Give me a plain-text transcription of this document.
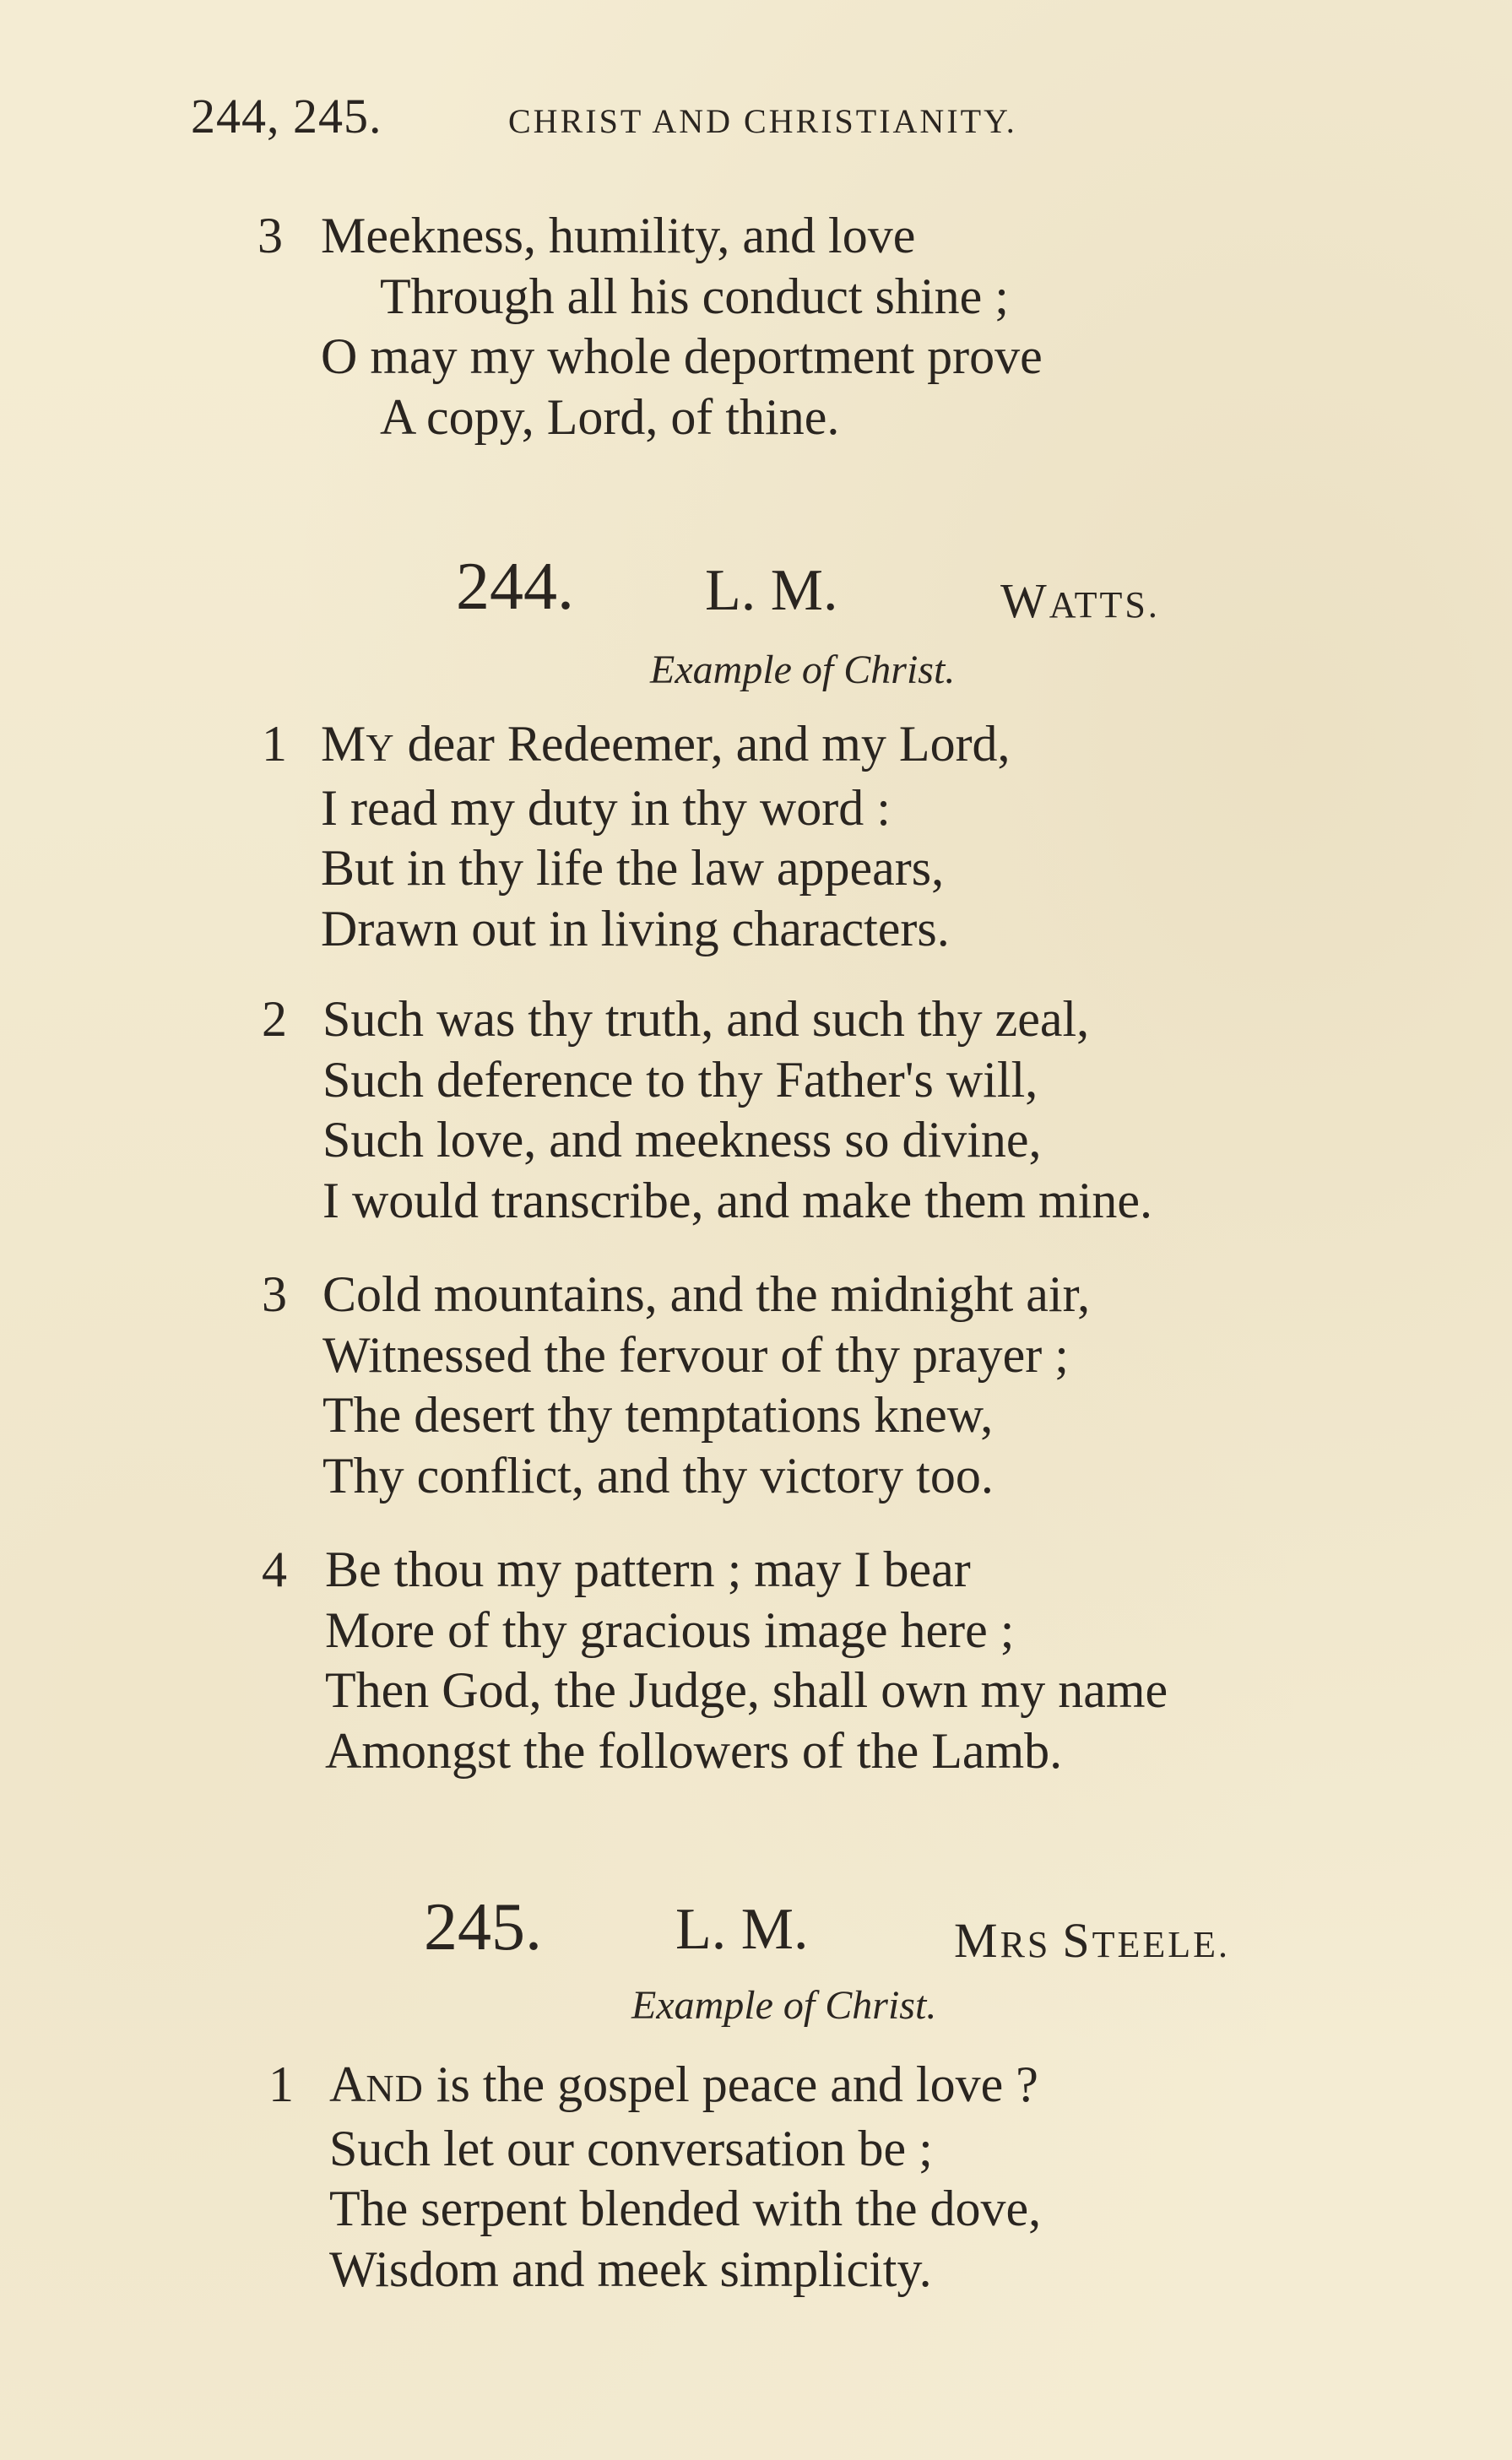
244, 245.	CHRIST AND CHRISTIANITY.
3 Meekness, humility, and love
Through all his conduct shine ;
O may my whole deportment prove
A copy, Lord, of thine.
244. L. M.	WATTS.
Example of Christ.
1 MY dear Redeemer, and my Lord,
I read my duty in thy word :
But in thy life the law appears,
Drawn out in living characters.
2 Such was thy truth, and such thy zeal,
Such deference to thy Father's will,
Such love, and meekness so divine,
I would transcribe, and make them mine.
3 Cold mountains, and the midnight air,
Witnessed the fervour of thy prayer ;
The desert thy temptations knew,
Thy conflict, and thy victory too.
4 Be thou my pattern ; may I bear
More of thy gracious image here ;
Then God, the Judge, shall own my name
Amongst the followers of the Lamb.
245. L. M.	MRS STEELE.
Example of Christ.
1 AND is the gospel peace and love ?
Such let our conversation be ;
The serpent blended with the dove,
Wisdom and meek simplicity.
